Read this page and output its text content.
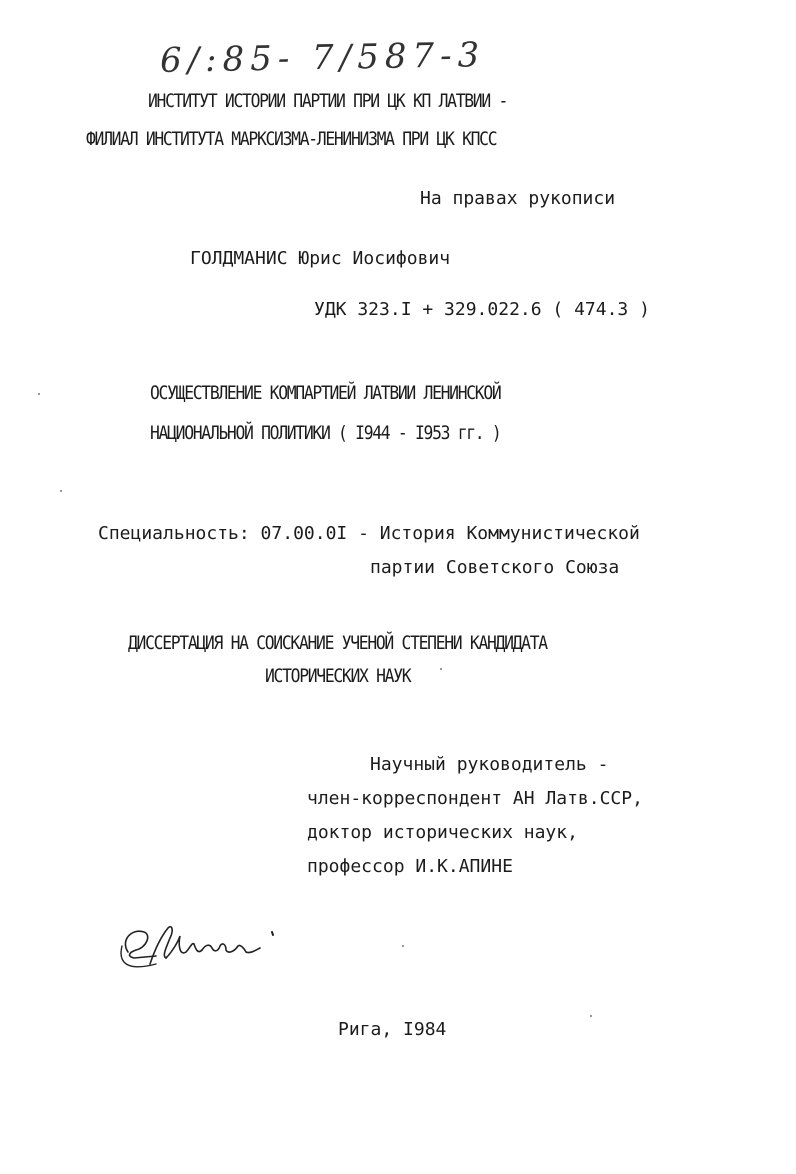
6/:85- 7/587-3
ИНСТИТУТ ИСТОРИИ ПАРТИИ ПРИ ЦК КП ЛАТВИИ -
ФИЛИАЛ ИНСТИТУТА МАРКСИЗМА-ЛЕНИНИЗМА ПРИ ЦК КПСС
На правах рукописи
ГОЛДМАНИС Юрис Иосифович
УДК 323.I + 329.022.6 ( 474.3 )
ОСУЩЕСТВЛЕНИЕ КОМПАРТИЕЙ ЛАТВИИ ЛЕНИНСКОЙ
НАЦИОНАЛЬНОЙ ПОЛИТИКИ ( I944 - I953 гг. )
Специальность: 07.00.0I - История Коммунистической
партии Советского Союза
ДИССЕРТАЦИЯ НА СОИСКАНИЕ УЧЕНОЙ СТЕПЕНИ КАНДИДАТА
ИСТОРИЧЕСКИХ НАУК
Научный руководитель -
член-корреспондент АН Латв.ССР,
доктор исторических наук,
профессор И.К.АПИНЕ
Рига, I984
